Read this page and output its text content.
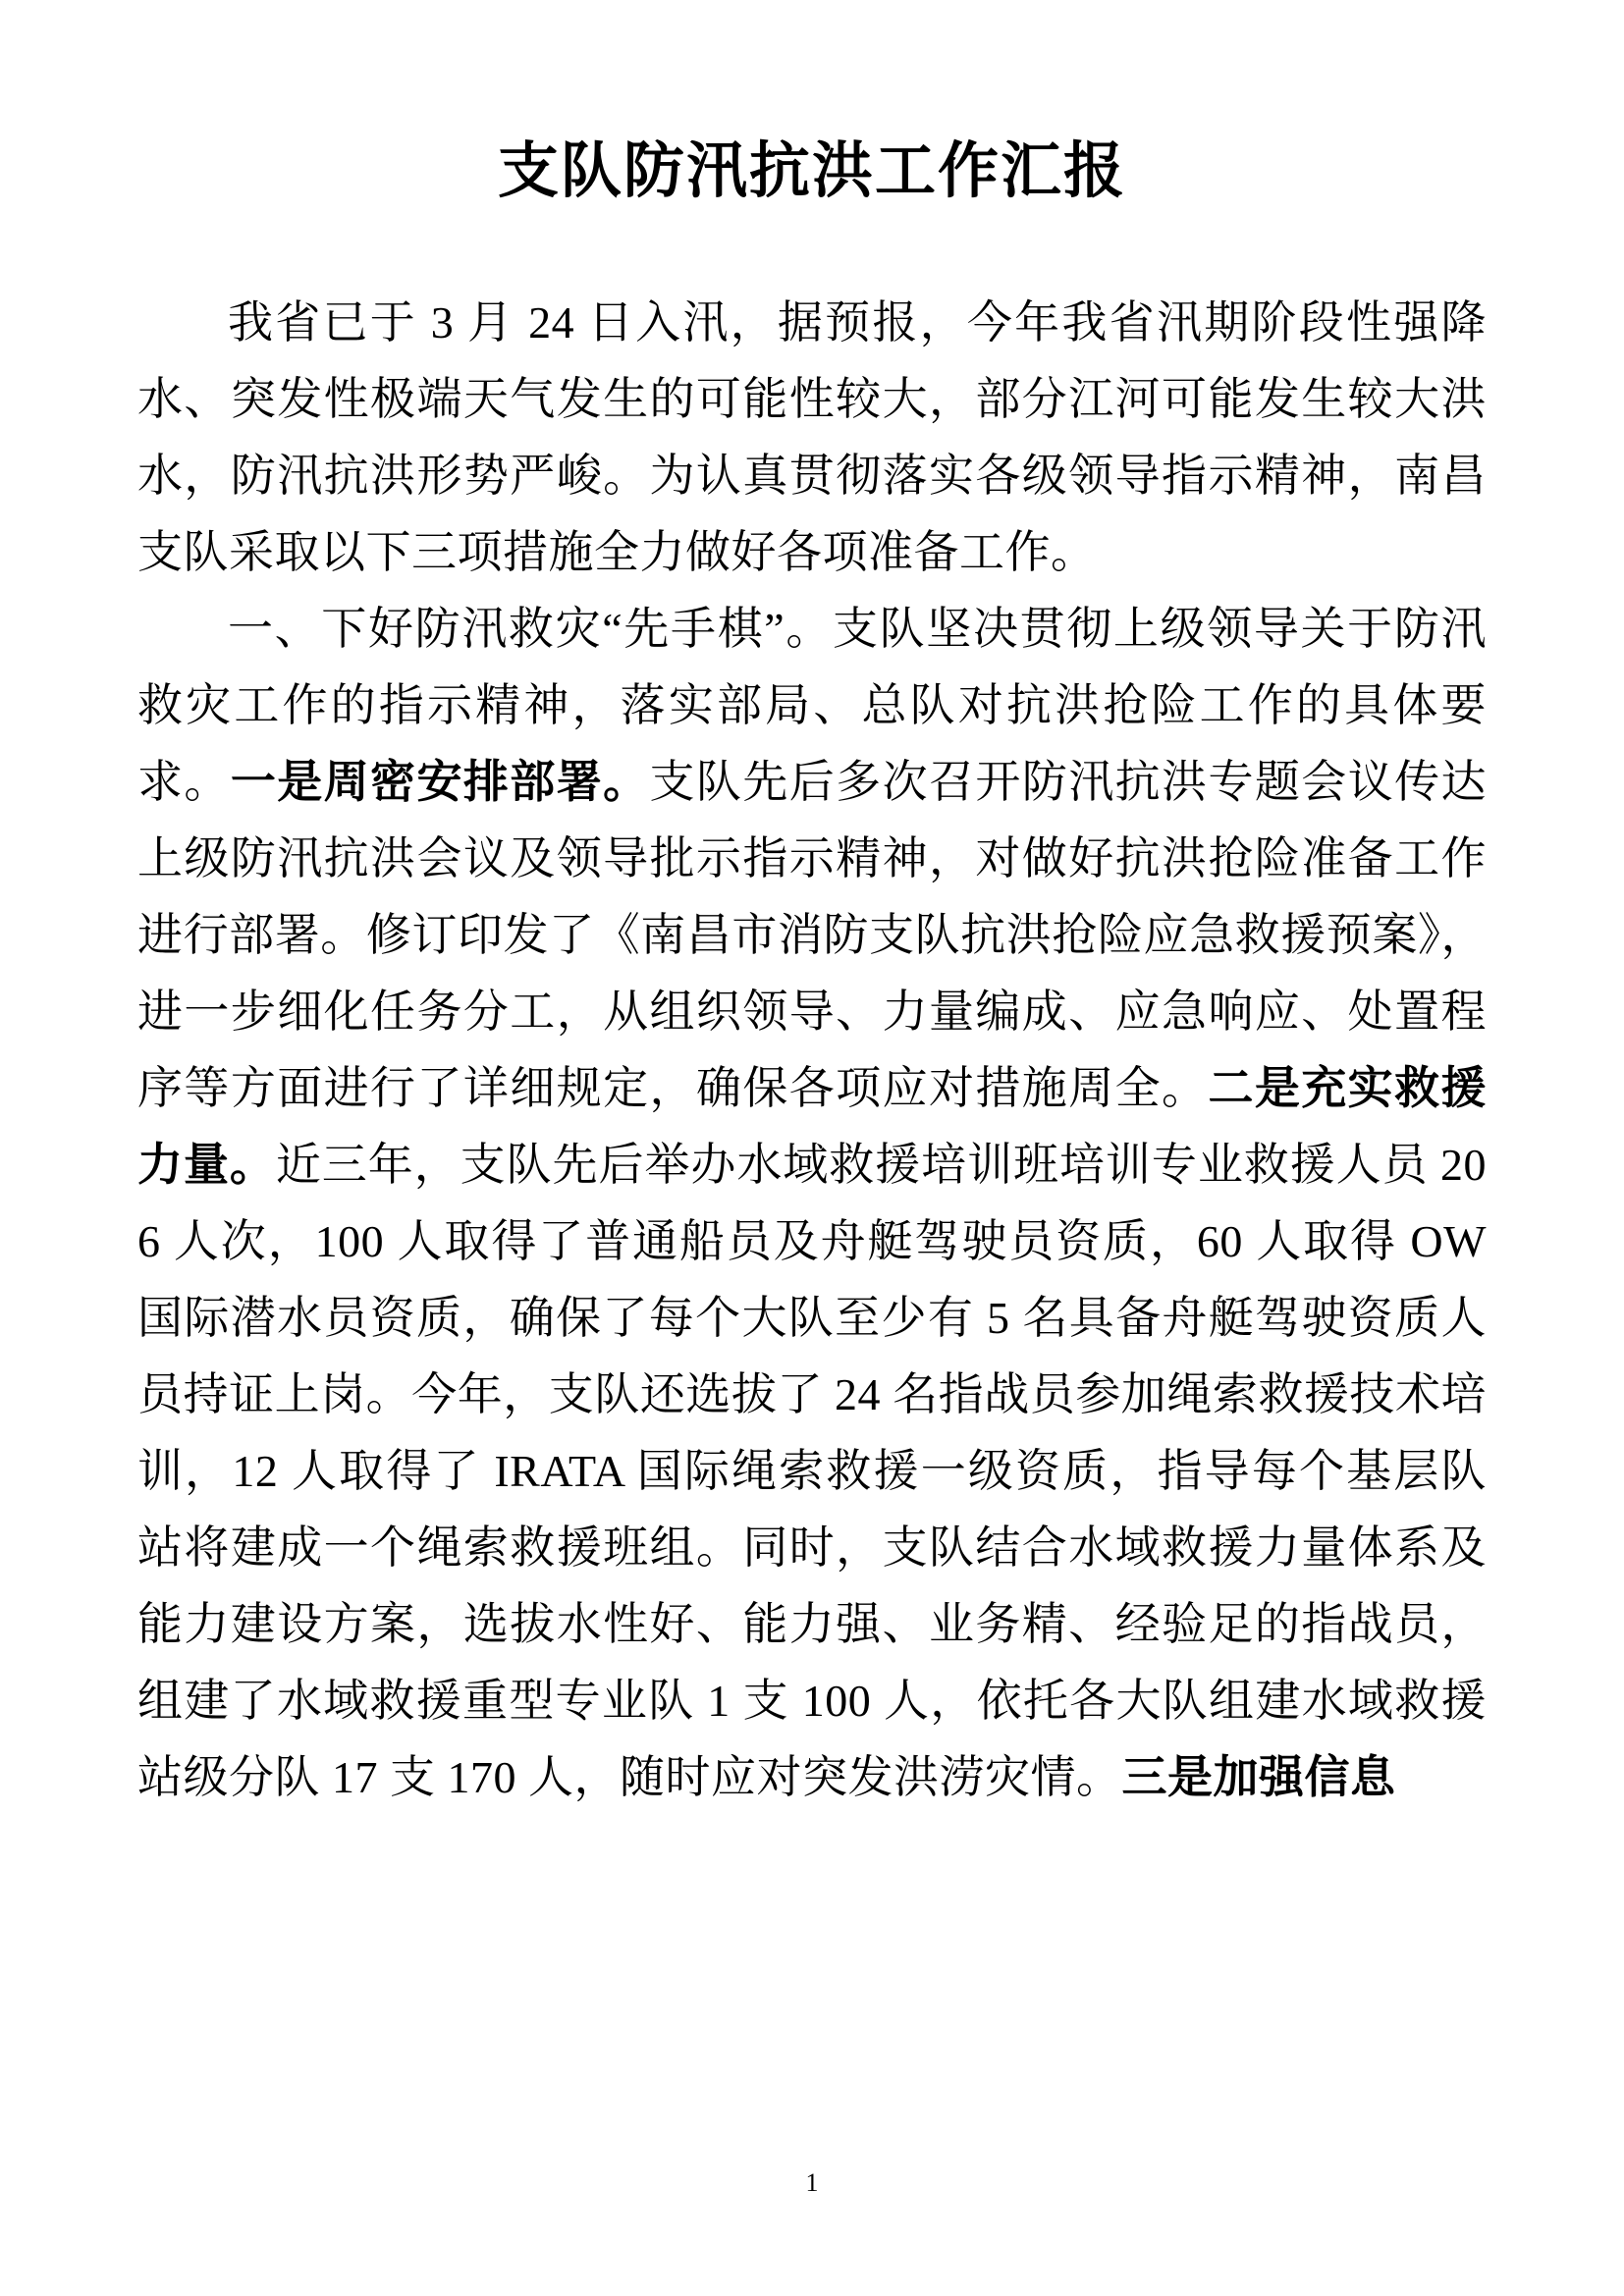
支队防汛抗洪工作汇报

我省已于 3 月 24 日入汛，据预报，今年我省汛期阶段性强降水、突发性极端天气发生的可能性较大，部分江河可能发生较大洪水，防汛抗洪形势严峻。为认真贯彻落实各级领导指示精神，南昌支队采取以下三项措施全力做好各项准备工作。

一、下好防汛救灾“先手棋”。支队坚决贯彻上级领导关于防汛救灾工作的指示精神，落实部局、总队对抗洪抢险工作的具体要求。一是周密安排部署。支队先后多次召开防汛抗洪专题会议传达上级防汛抗洪会议及领导批示指示精神，对做好抗洪抢险准备工作进行部署。修订印发了《南昌市消防支队抗洪抢险应急救援预案》，进一步细化任务分工，从组织领导、力量编成、应急响应、处置程序等方面进行了详细规定，确保各项应对措施周全。二是充实救援力量。近三年，支队先后举办水域救援培训班培训专业救援人员 206 人次，100 人取得了普通船员及舟艇驾驶员资质，60 人取得 OW 国际潜水员资质，确保了每个大队至少有 5 名具备舟艇驾驶资质人员持证上岗。今年，支队还选拔了 24 名指战员参加绳索救援技术培训，12 人取得了 IRATA 国际绳索救援一级资质，指导每个基层队站将建成一个绳索救援班组。同时，支队结合水域救援力量体系及能力建设方案，选拔水性好、能力强、业务精、经验足的指战员，组建了水域救援重型专业队 1 支 100 人，依托各大队组建水域救援站级分队 17 支 170 人，随时应对突发洪涝灾情。三是加强信息

1
